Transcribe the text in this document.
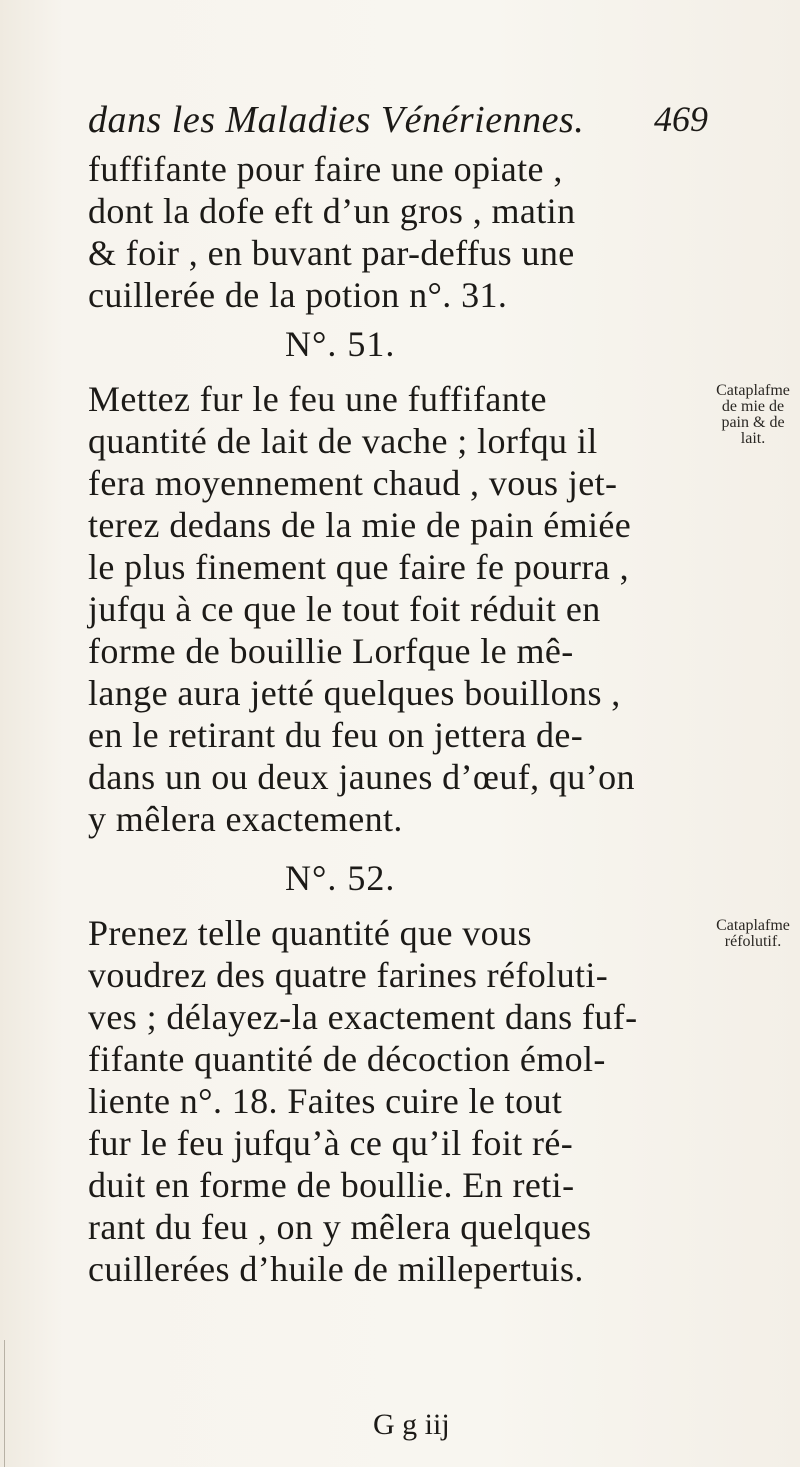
dans les Maladies Vénériennes. 469
fuffifante pour faire une opiate ,
dont la dofe eft d’un gros , matin
& foir , en buvant par-deffus une
cuillerée de la potion n°. 31.
N°. 51.
Mettez fur le feu une fuffifante
quantité de lait de vache ; lorfqu il
fera moyennement chaud , vous jet-
terez dedans de la mie de pain émiée
le plus finement que faire fe pourra ,
jufqu à ce que le tout foit réduit en
forme de bouillie Lorfque le mê-
lange aura jetté quelques bouillons ,
en le retirant du feu on jettera de-
dans un ou deux jaunes d’œuf, qu’on
y mêlera exactement.
Cataplafme
de mie de
pain & de
lait.
N°. 52.
Prenez telle quantité que vous
voudrez des quatre farines réfoluti-
ves ; délayez-la exactement dans fuf-
fifante quantité de décoction émol-
liente n°. 18. Faites cuire le tout
fur le feu jufqu’à ce qu’il foit ré-
duit en forme de boullie. En reti-
rant du feu , on y mêlera quelques
cuillerées d’huile de millepertuis.
Cataplafme
réfolutif.
G g iij
